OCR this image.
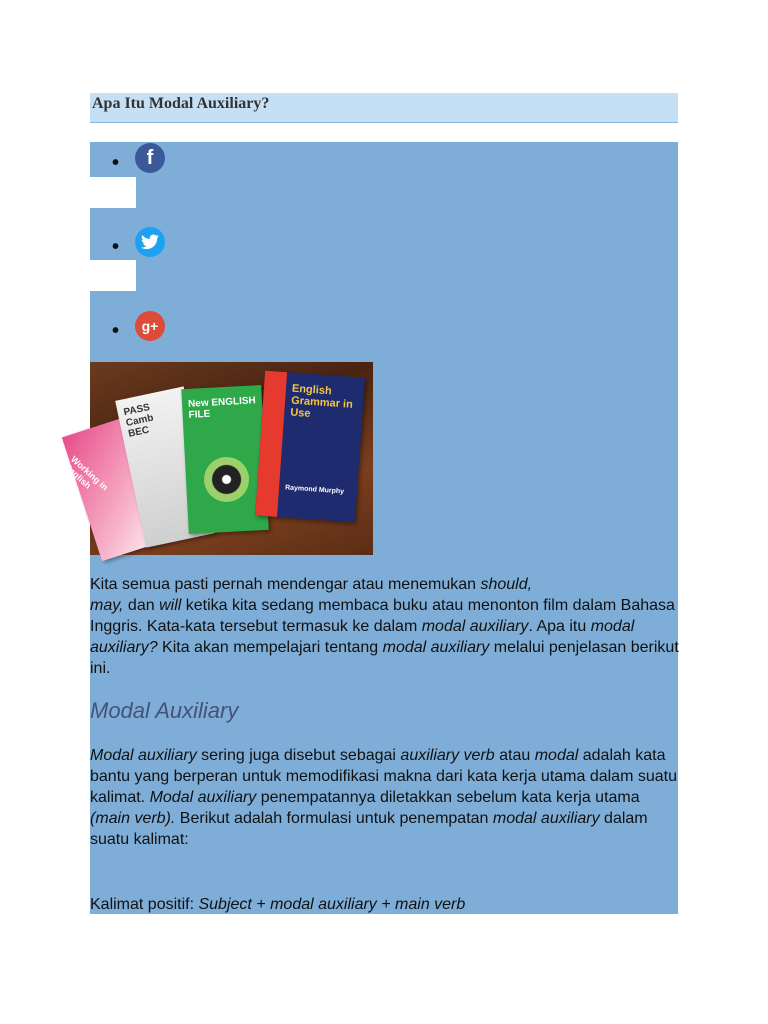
Apa Itu Modal Auxiliary?
•	f
•
•	g+
Working in English
PASS Camb BEC
New ENGLISH FILE
English Grammar in Use
Raymond Murphy
Kita semua pasti pernah mendengar atau menemukan should,
may, dan will ketika kita sedang membaca buku atau menonton film dalam Bahasa Inggris. Kata-kata tersebut termasuk ke dalam modal auxiliary. Apa itu modal auxiliary? Kita akan mempelajari tentang modal auxiliary melalui penjelasan berikut ini.
Modal Auxiliary
Modal auxiliary sering juga disebut sebagai auxiliary verb atau modal adalah kata bantu yang berperan untuk memodifikasi makna dari kata kerja utama dalam suatu kalimat. Modal auxiliary penempatannya diletakkan sebelum kata kerja utama (main verb). Berikut adalah formulasi untuk penempatan modal auxiliary dalam suatu kalimat:
Kalimat positif: Subject + modal auxiliary + main verb
